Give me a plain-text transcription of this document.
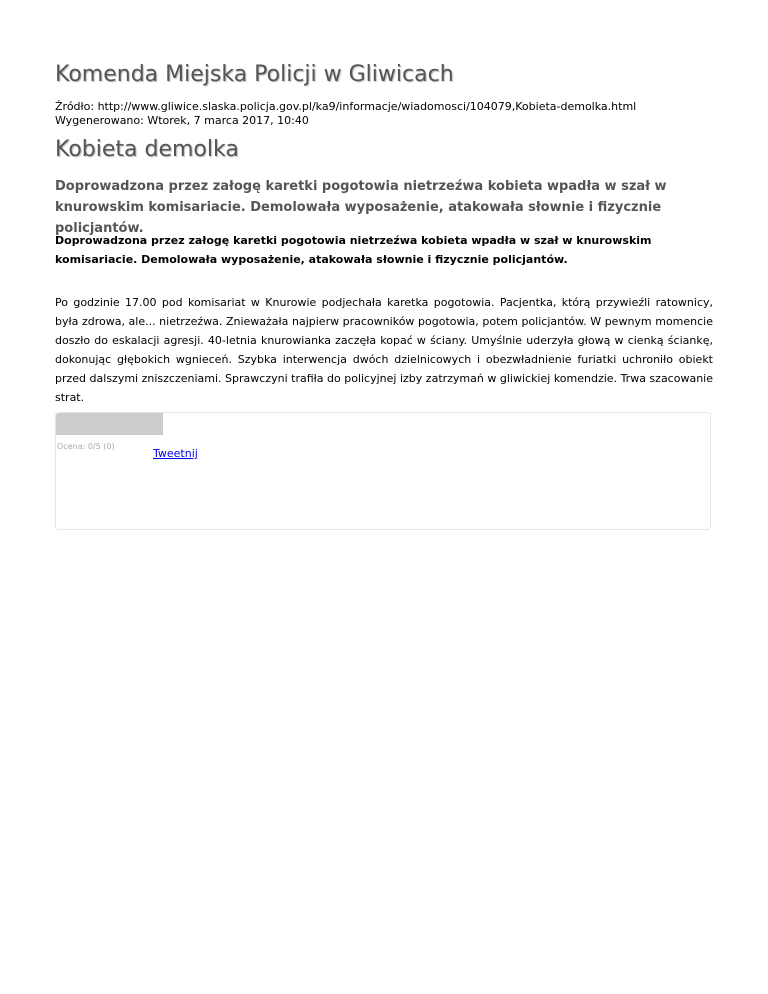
Komenda Miejska Policji w Gliwicach
Źródło: http://www.gliwice.slaska.policja.gov.pl/ka9/informacje/wiadomosci/104079,Kobieta-demolka.html
Wygenerowano: Wtorek, 7 marca 2017, 10:40
Kobieta demolka

Doprowadzona przez załogę karetki pogotowia nietrzeźwa kobieta wpadła w szał w knurowskim komisariacie. Demolowała wyposażenie, atakowała słownie i fizycznie policjantów.

Doprowadzona przez załogę karetki pogotowia nietrzeźwa kobieta wpadła w szał w knurowskim komisariacie. Demolowała wyposażenie, atakowała słownie i fizycznie policjantów.

Po godzinie 17.00 pod komisariat w Knurowie podjechała karetka pogotowia. Pacjentka, którą przywieźli ratownicy, była zdrowa, ale... nietrzeźwa. Znieważała najpierw pracowników pogotowia, potem policjantów. W pewnym momencie doszło do eskalacji agresji. 40-letnia knurowianka zaczęła kopać w ściany. Umyślnie uderzyła głową w cienką ściankę, dokonując głębokich wgnieceń. Szybka interwencja dwóch dzielnicowych i obezwładnienie furiatki uchroniło obiekt przed dalszymi zniszczeniami. Sprawczyni trafiła do policyjnej izby zatrzymań w gliwickiej komendzie. Trwa szacowanie strat.

Ocena: 0/5 (0)
Tweetnij
